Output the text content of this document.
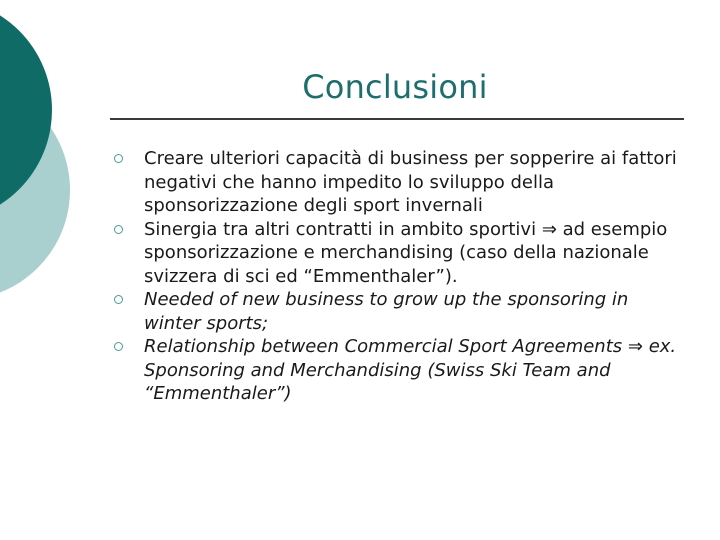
Conclusioni
Creare ulteriori capacità di business per sopperire ai fattori negativi che hanno impedito lo sviluppo della sponsorizzazione degli sport invernali
Sinergia tra altri contratti in ambito sportivi ⇒ ad esempio sponsorizzazione e merchandising (caso della nazionale svizzera di sci ed “Emmenthaler”).
Needed of new business to grow up the sponsoring in winter sports;
Relationship between Commercial Sport Agreements ⇒ ex. Sponsoring and Merchandising (Swiss Ski Team and “Emmenthaler”)
